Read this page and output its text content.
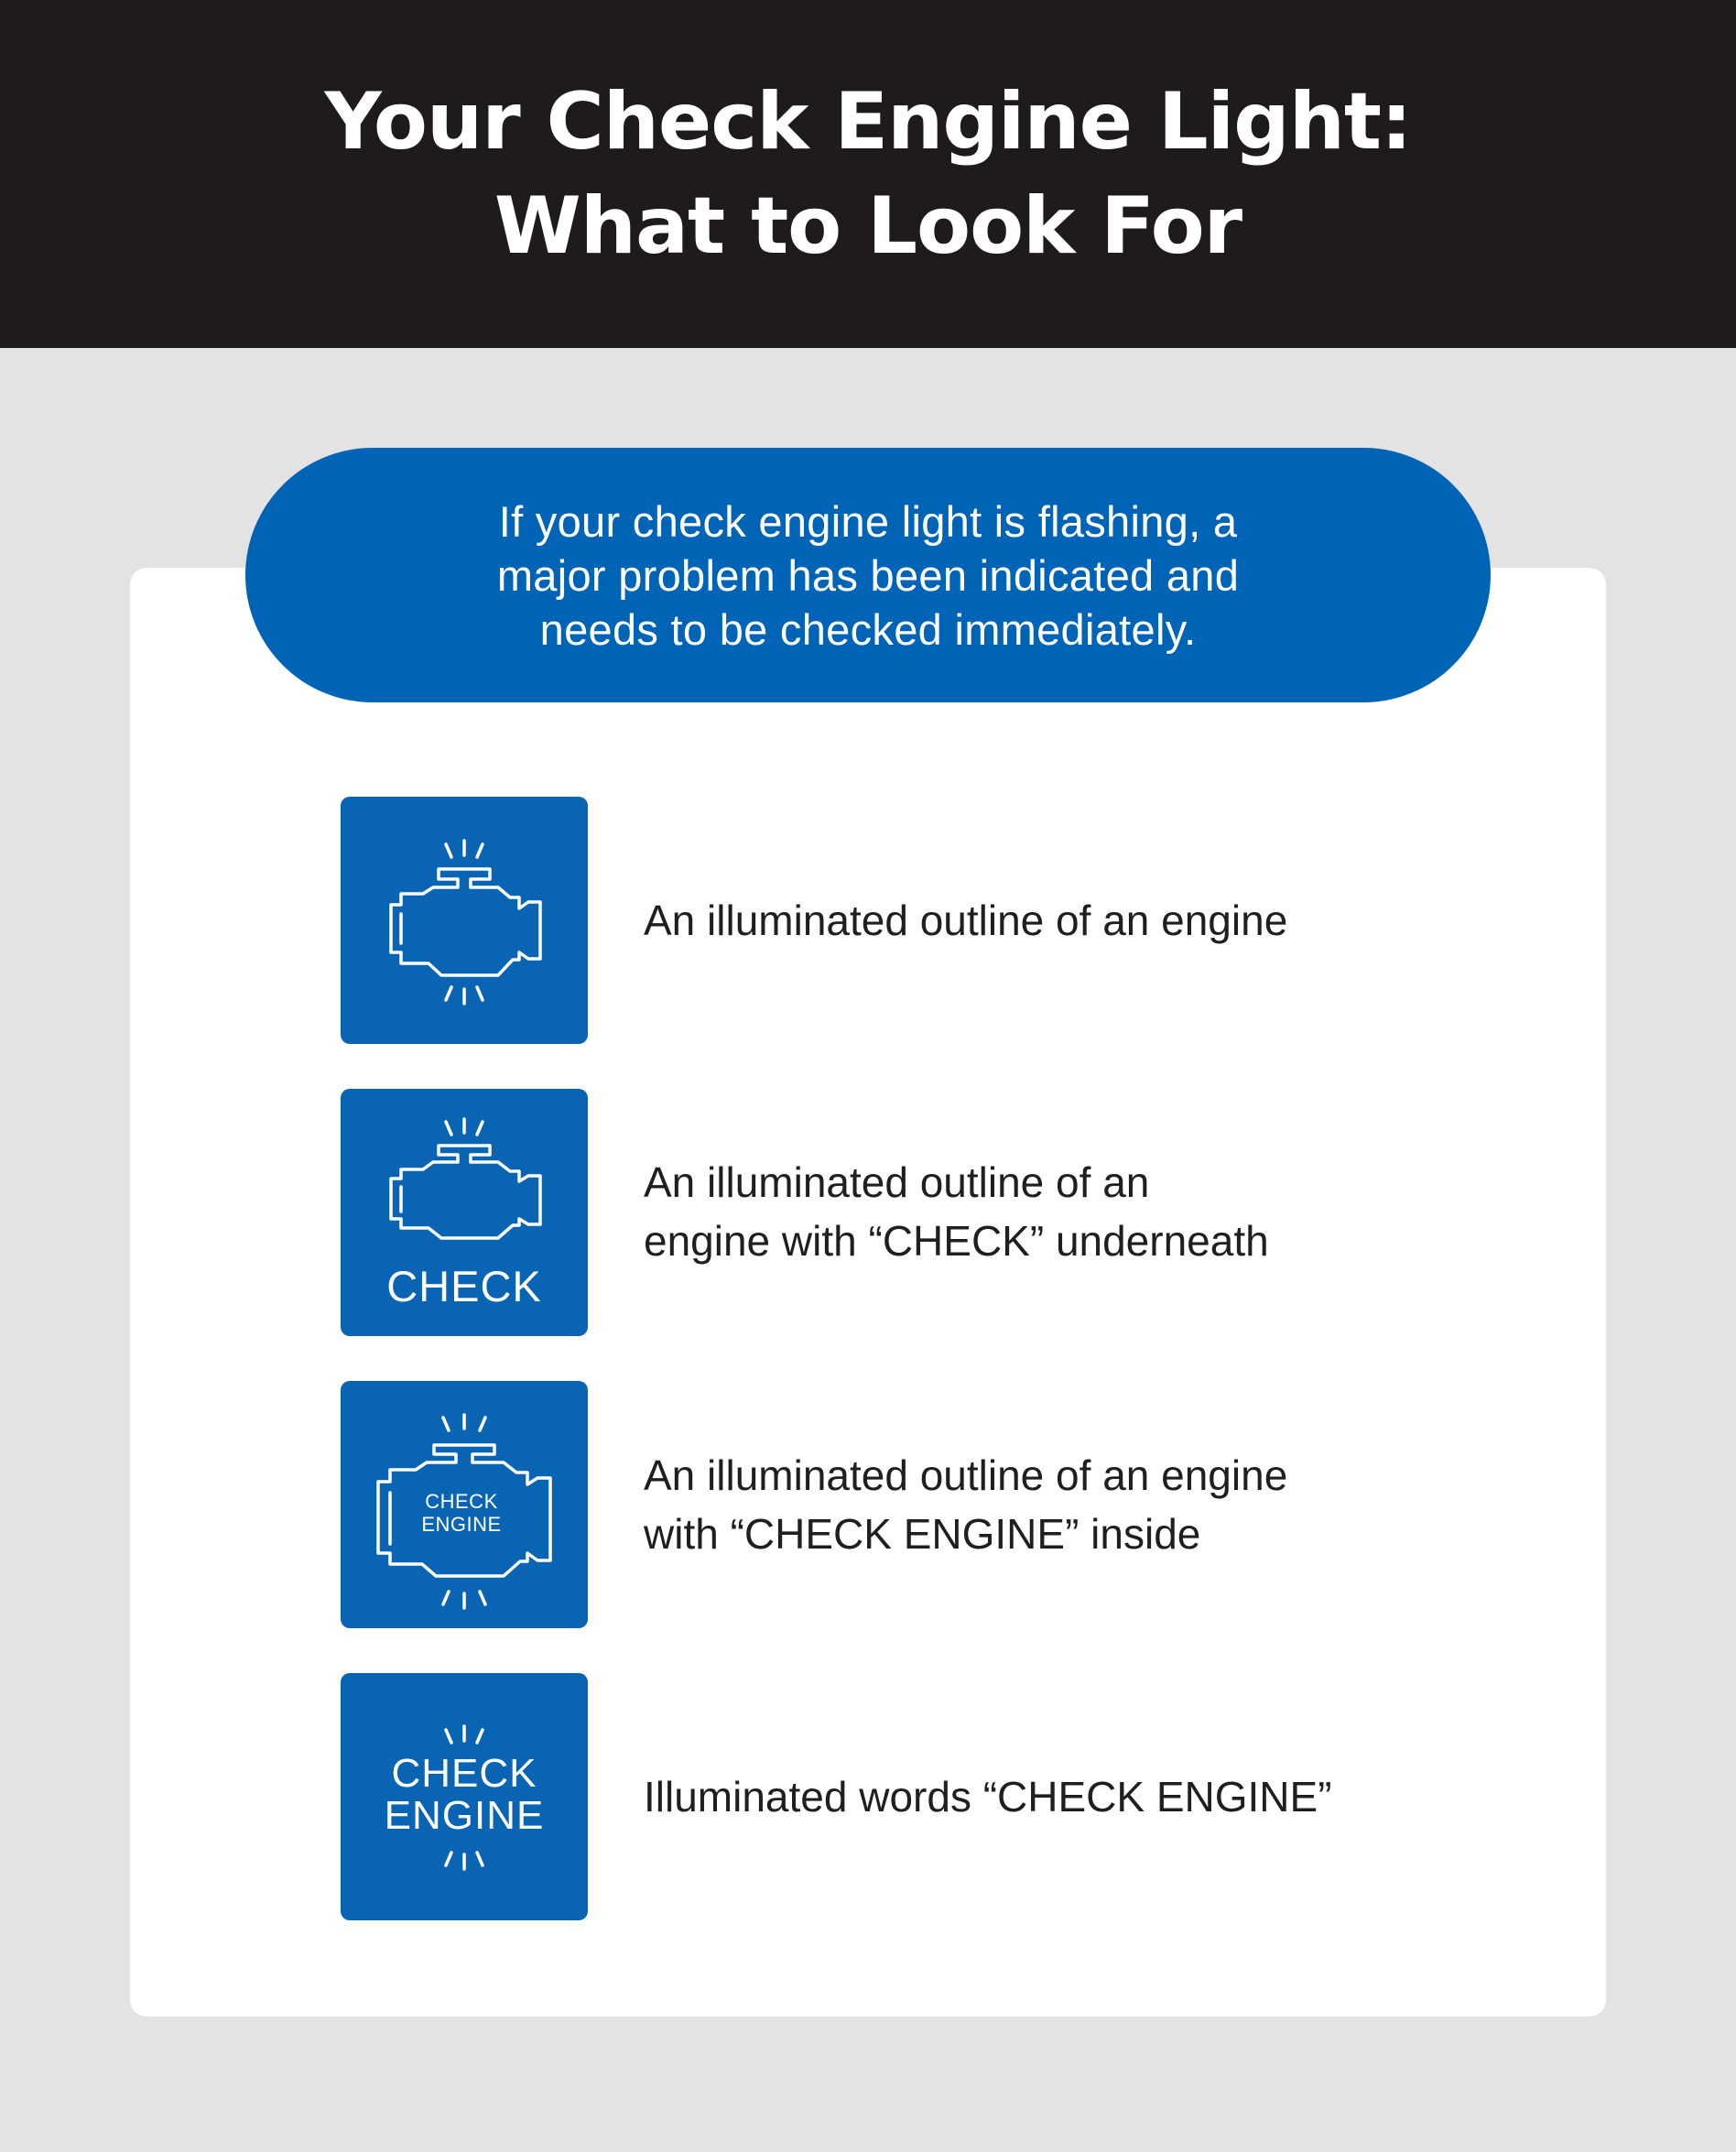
Your Check Engine Light:
What to Look For
If your check engine light is flashing, a
major problem has been indicated and
needs to be checked immediately.
An illuminated outline of an engine
CHECK
An illuminated outline of an
engine with “CHECK” underneath
CHECK
ENGINE
An illuminated outline of an engine
with “CHECK ENGINE” inside
CHECK
ENGINE	Illuminated words “CHECK ENGINE”
